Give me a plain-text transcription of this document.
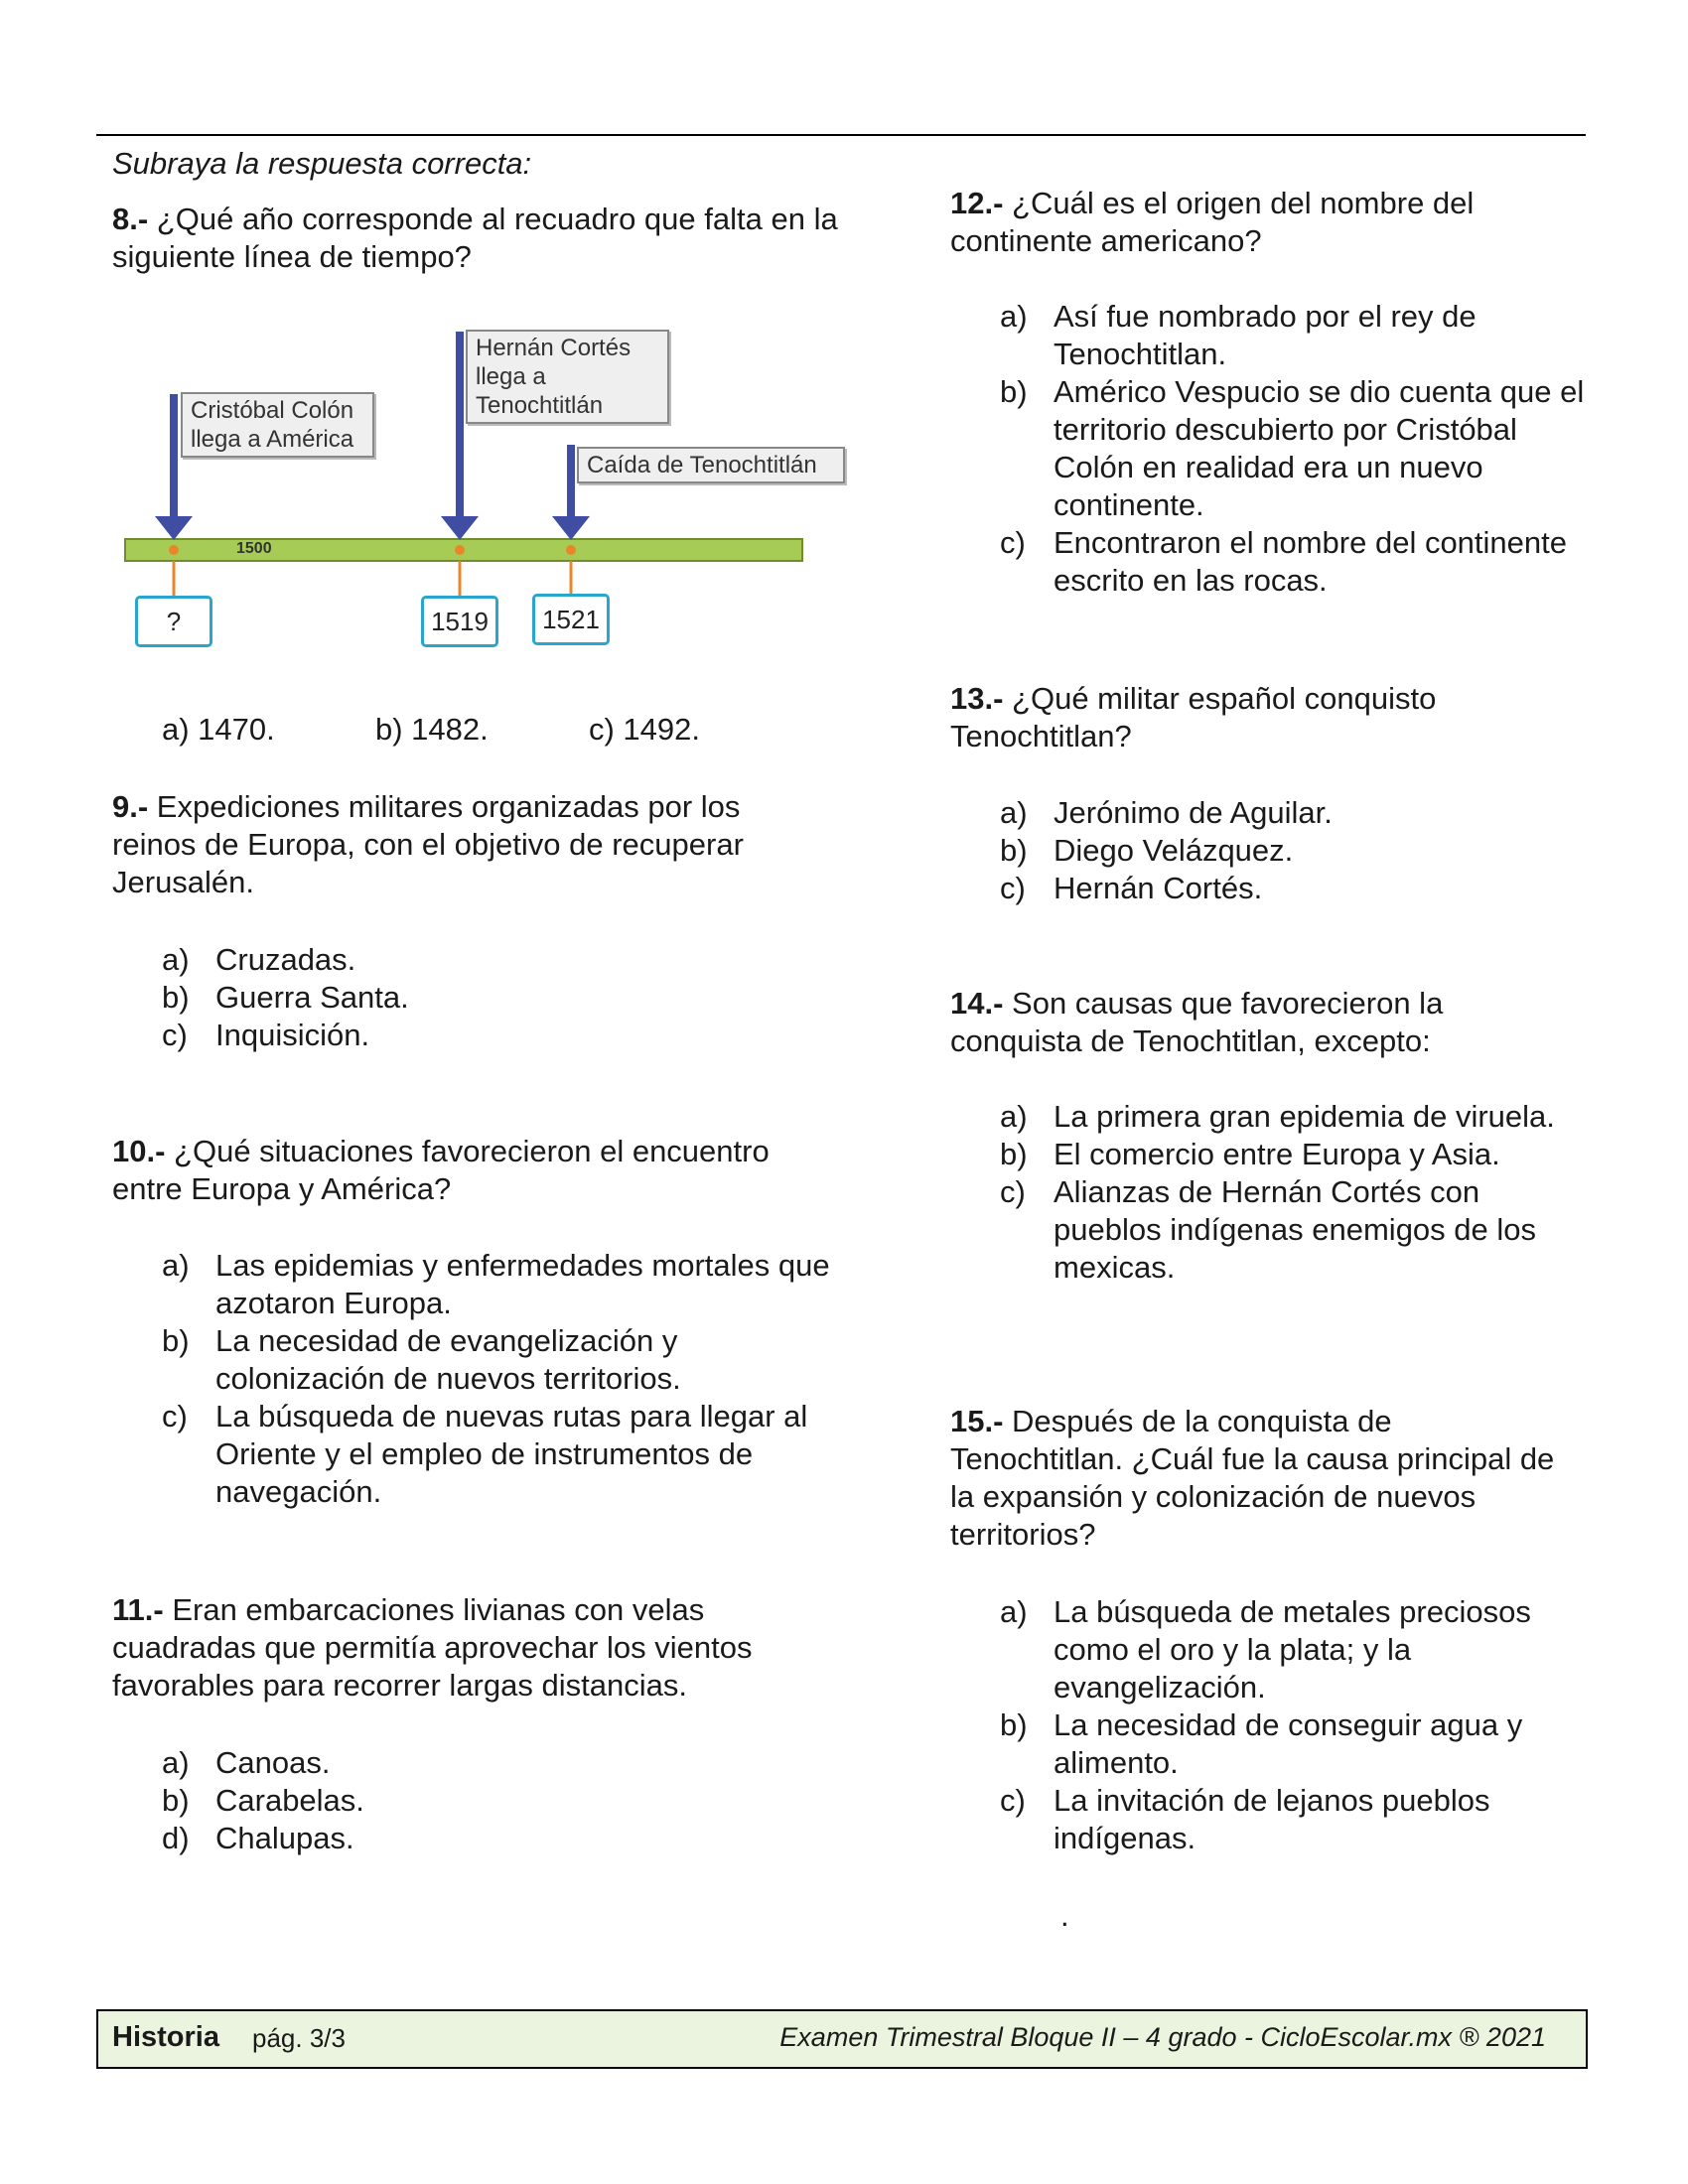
Subraya la respuesta correcta:
8.- ¿Qué año corresponde al recuadro que falta en la siguiente línea de tiempo?
1500
Cristóbal Colón
llega a América
Hernán Cortés
llega a
Tenochtitlán
Caída de Tenochtitlán
?	1519	1521
a) 1470.	b) 1482.	c) 1492.
9.- Expediciones militares organizadas por los reinos de Europa, con el objetivo de recuperar Jerusalén.
a) Cruzadas.
b) Guerra Santa.
c) Inquisición.
10.- ¿Qué situaciones favorecieron el encuentro entre Europa y América?
a) Las epidemias y enfermedades mortales que azotaron Europa.
b) La necesidad de evangelización y colonización de nuevos territorios.
c) La búsqueda de nuevas rutas para llegar al Oriente y el empleo de instrumentos de navegación.
11.- Eran embarcaciones livianas con velas cuadradas que permitía aprovechar los vientos favorables para recorrer largas distancias.
a) Canoas.
b) Carabelas.
d) Chalupas.
12.- ¿Cuál es el origen del nombre del continente americano?
a) Así fue nombrado por el rey de Tenochtitlan.
b) Américo Vespucio se dio cuenta que el territorio descubierto por Cristóbal Colón en realidad era un nuevo continente.
c) Encontraron el nombre del continente escrito en las rocas.
13.- ¿Qué militar español conquisto Tenochtitlan?
a) Jerónimo de Aguilar.
b) Diego Velázquez.
c) Hernán Cortés.
14.- Son causas que favorecieron la conquista de Tenochtitlan, excepto:
a) La primera gran epidemia de viruela.
b) El comercio entre Europa y Asia.
c) Alianzas de Hernán Cortés con pueblos indígenas enemigos de los mexicas.
15.- Después de la conquista de Tenochtitlan. ¿Cuál fue la causa principal de la expansión y colonización de nuevos territorios?
a) La búsqueda de metales preciosos como el oro y la plata; y la evangelización.
b) La necesidad de conseguir agua y alimento.
c) La invitación de lejanos pueblos indígenas.
.
Historia pág. 3/3	Examen Trimestral Bloque II – 4 grado - CicloEscolar.mx ® 2021
